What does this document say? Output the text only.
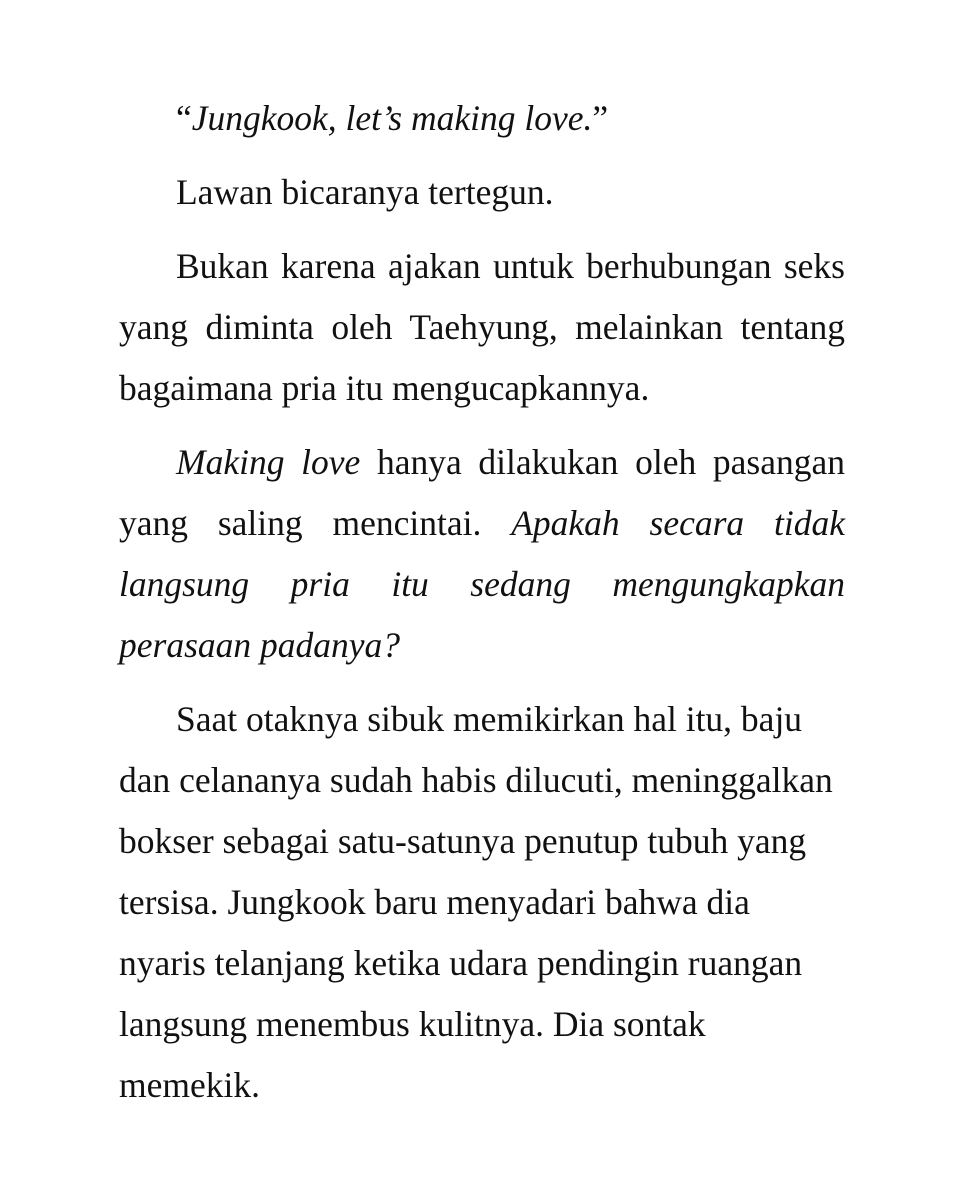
“Jungkook, let’s making love.”

Lawan bicaranya tertegun.

Bukan karena ajakan untuk berhubungan seks yang diminta oleh Taehyung, melainkan tentang bagaimana pria itu mengucapkannya.

Making love hanya dilakukan oleh pasangan yang saling mencintai. Apakah secara tidak langsung pria itu sedang mengungkapkan perasaan padanya?

Saat otaknya sibuk memikirkan hal itu, baju dan celananya sudah habis dilucuti, meninggalkan bokser sebagai satu-satunya penutup tubuh yang tersisa. Jungkook baru menyadari bahwa dia nyaris telanjang ketika udara pendingin ruangan langsung menembus kulitnya. Dia sontak memekik.
